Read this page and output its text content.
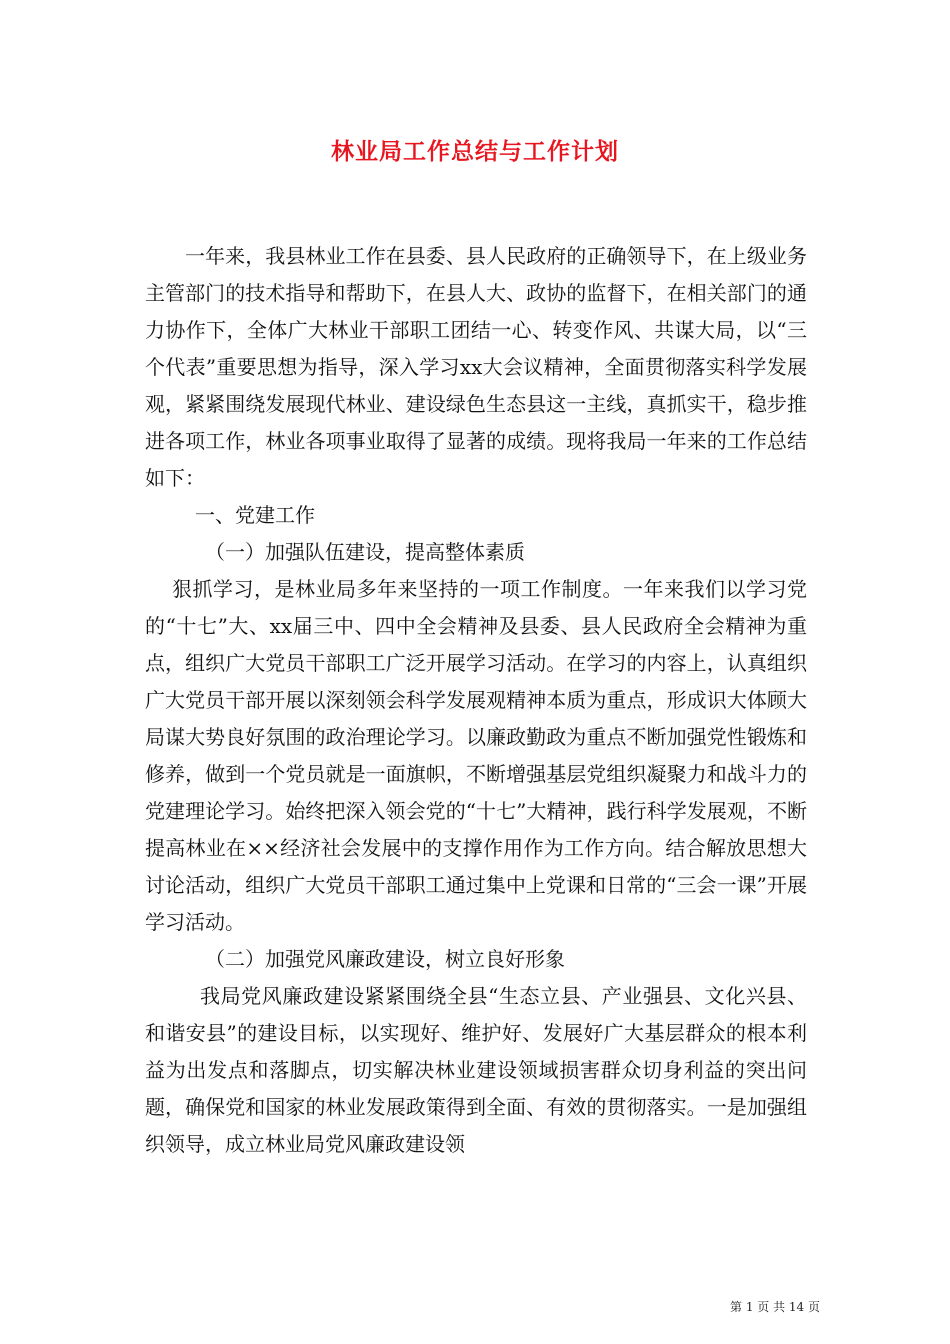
林业局工作总结与工作计划

一年来，我县林业工作在县委、县人民政府的正确领导下，在上级业务主管部门的技术指导和帮助下，在县人大、政协的监督下，在相关部门的通力协作下，全体广大林业干部职工团结一心、转变作风、共谋大局，以“三个代表”重要思想为指导，深入学习xx大会议精神，全面贯彻落实科学发展观，紧紧围绕发展现代林业、建设绿色生态县这一主线，真抓实干，稳步推进各项工作，林业各项事业取得了显著的成绩。现将我局一年来的工作总结如下：

一、党建工作

（一）加强队伍建设，提高整体素质

狠抓学习，是林业局多年来坚持的一项工作制度。一年来我们以学习党的“十七”大、xx届三中、四中全会精神及县委、县人民政府全会精神为重点，组织广大党员干部职工广泛开展学习活动。在学习的内容上，认真组织广大党员干部开展以深刻领会科学发展观精神本质为重点，形成识大体顾大局谋大势良好氛围的政治理论学习。以廉政勤政为重点不断加强党性锻炼和修养，做到一个党员就是一面旗帜，不断增强基层党组织凝聚力和战斗力的党建理论学习。始终把深入领会党的“十七”大精神，践行科学发展观，不断提高林业在××经济社会发展中的支撑作用作为工作方向。结合解放思想大讨论活动，组织广大党员干部职工通过集中上党课和日常的“三会一课”开展学习活动。

（二）加强党风廉政建设，树立良好形象

我局党风廉政建设紧紧围绕全县“生态立县、产业强县、文化兴县、和谐安县”的建设目标，以实现好、维护好、发展好广大基层群众的根本利益为出发点和落脚点，切实解决林业建设领域损害群众切身利益的突出问题，确保党和国家的林业发展政策得到全面、有效的贯彻落实。一是加强组织领导，成立林业局党风廉政建设领

第 1 页 共 14 页
